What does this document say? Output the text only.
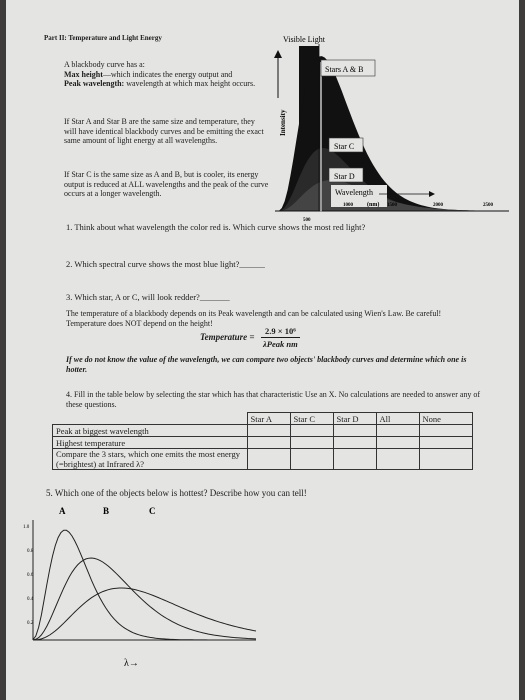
Part II: Temperature and Light Energy
A blackbody curve has a:
Max height—which indicates the energy output and
Peak wavelength: wavelength at which max height occurs.
If Star A and Star B are the same size and temperature, they will have identical blackbody curves and be emitting the exact same amount of light energy at all wavelengths.
If Star C is the same size as A and B, but is cooler, its energy output is reduced at ALL wavelengths and the peak of the curve occurs at a longer wavelength.
Intensity
Visible Light
Stars A & B
Star C
Star D
Wavelength
(nm)
500
1000	1500	2000	2500
1. Think about what wavelength the color red is. Which curve shows the most red light?
2. Which spectral curve shows the most blue light?______
3. Which star, A or C, will look redder?_______
The temperature of a blackbody depends on its Peak wavelength and can be calculated using Wien's Law. Be careful! Temperature does NOT depend on the height!
Temperature =
2.9 × 10⁶
λPeak nm
If we do not know the value of the wavelength, we can compare two objects' blackbody curves and determine which one is hotter.
4. Fill in the table below by selecting the star which has that characteristic Use an X. No calculations are needed to answer any of these questions.
	Star A	Star C	Star D	All	None
Peak at biggest wavelength					
Highest temperature					
Compare the 3 stars, which one emits the most energy (=brightest) at Infrared λ?					
5. Which one of the objects below is hottest? Describe how you can tell!
A	B	C
1.0
0.8
0.6
0.4
0.2
λ→
